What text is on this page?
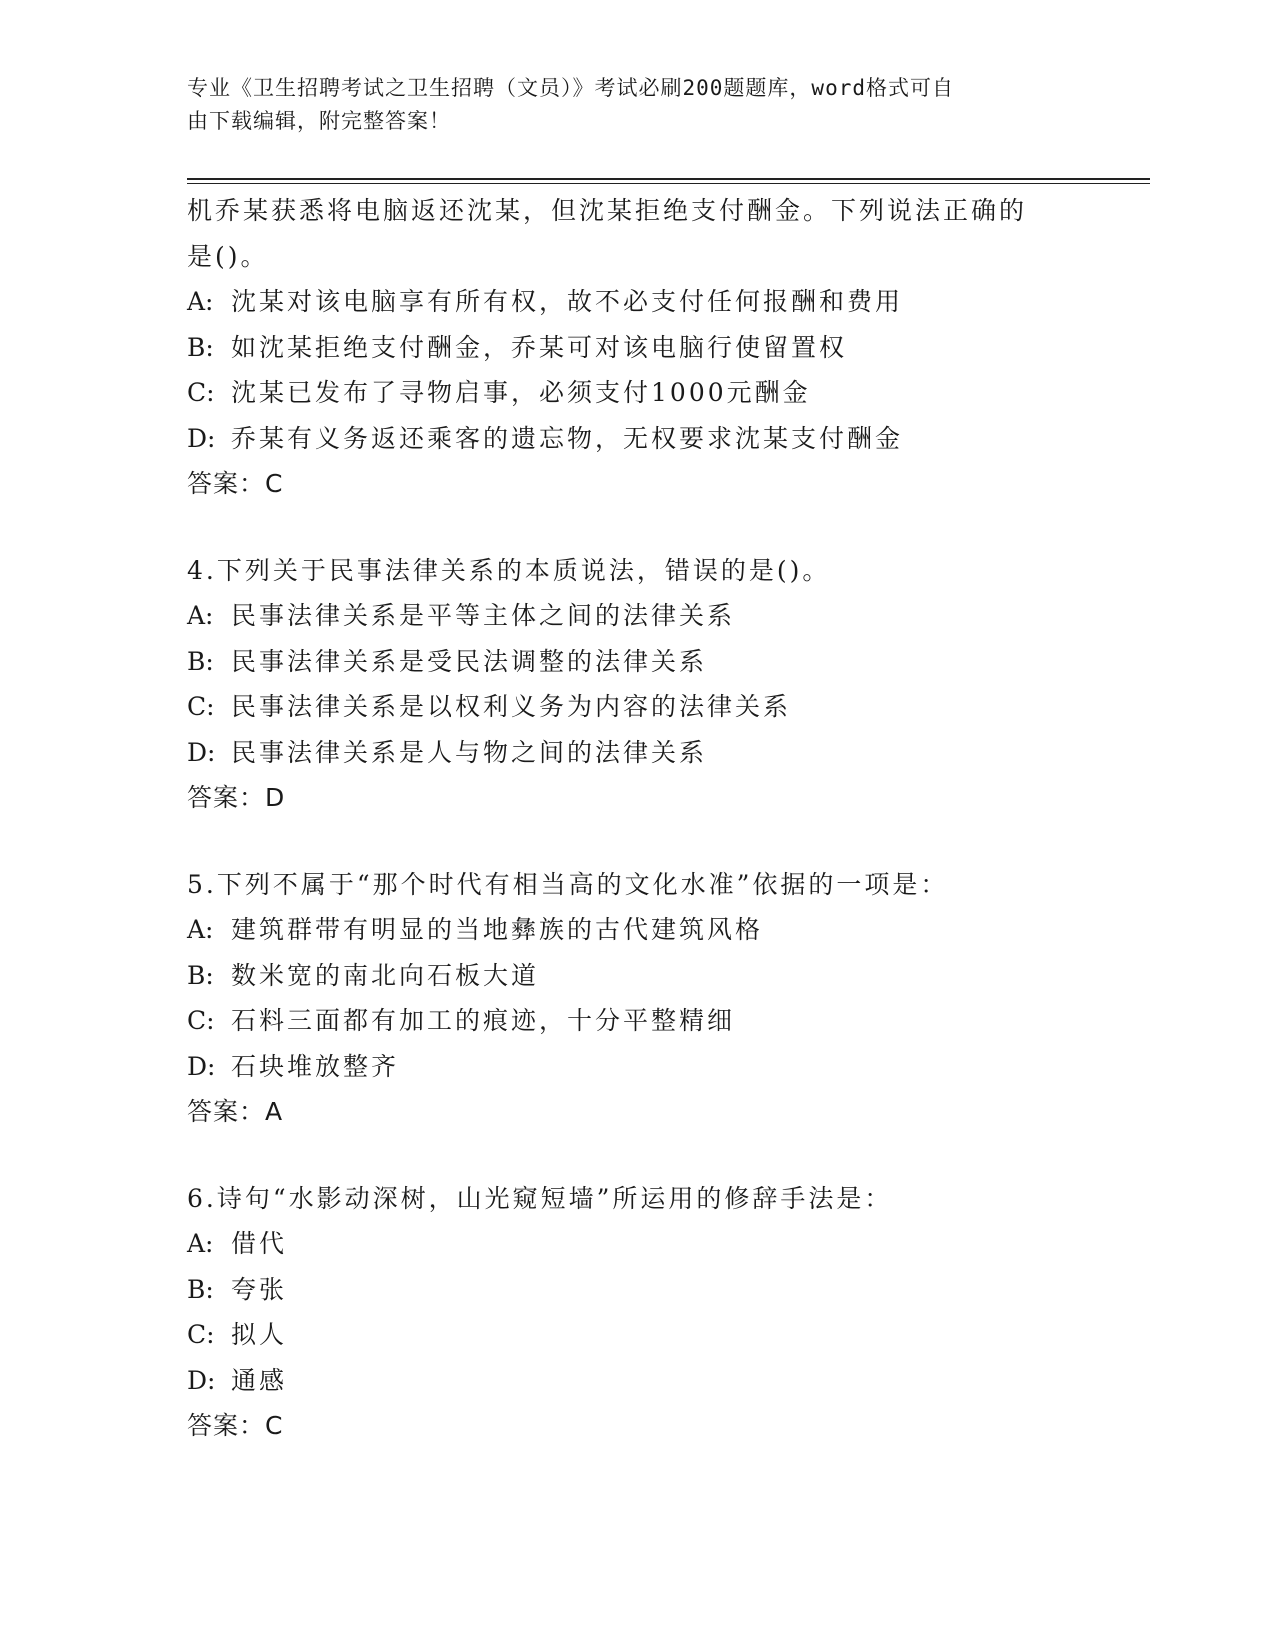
专业《卫生招聘考试之卫生招聘（文员）》考试必刷200题题库，word格式可自
由下载编辑，附完整答案！
机乔某获悉将电脑返还沈某，但沈某拒绝支付酬金。下列说法正确的
是()。
A: 沈某对该电脑享有所有权，故不必支付任何报酬和费用
B: 如沈某拒绝支付酬金，乔某可对该电脑行使留置权
C: 沈某已发布了寻物启事，必须支付1000元酬金
D: 乔某有义务返还乘客的遗忘物，无权要求沈某支付酬金
答案：C
4.下列关于民事法律关系的本质说法，错误的是()。
A: 民事法律关系是平等主体之间的法律关系
B: 民事法律关系是受民法调整的法律关系
C: 民事法律关系是以权利义务为内容的法律关系
D: 民事法律关系是人与物之间的法律关系
答案：D
5.下列不属于“那个时代有相当高的文化水准”依据的一项是：
A: 建筑群带有明显的当地彝族的古代建筑风格
B: 数米宽的南北向石板大道
C: 石料三面都有加工的痕迹，十分平整精细
D: 石块堆放整齐
答案：A
6.诗句“水影动深树，山光窥短墙”所运用的修辞手法是：
A: 借代
B: 夸张
C: 拟人
D: 通感
答案：C
